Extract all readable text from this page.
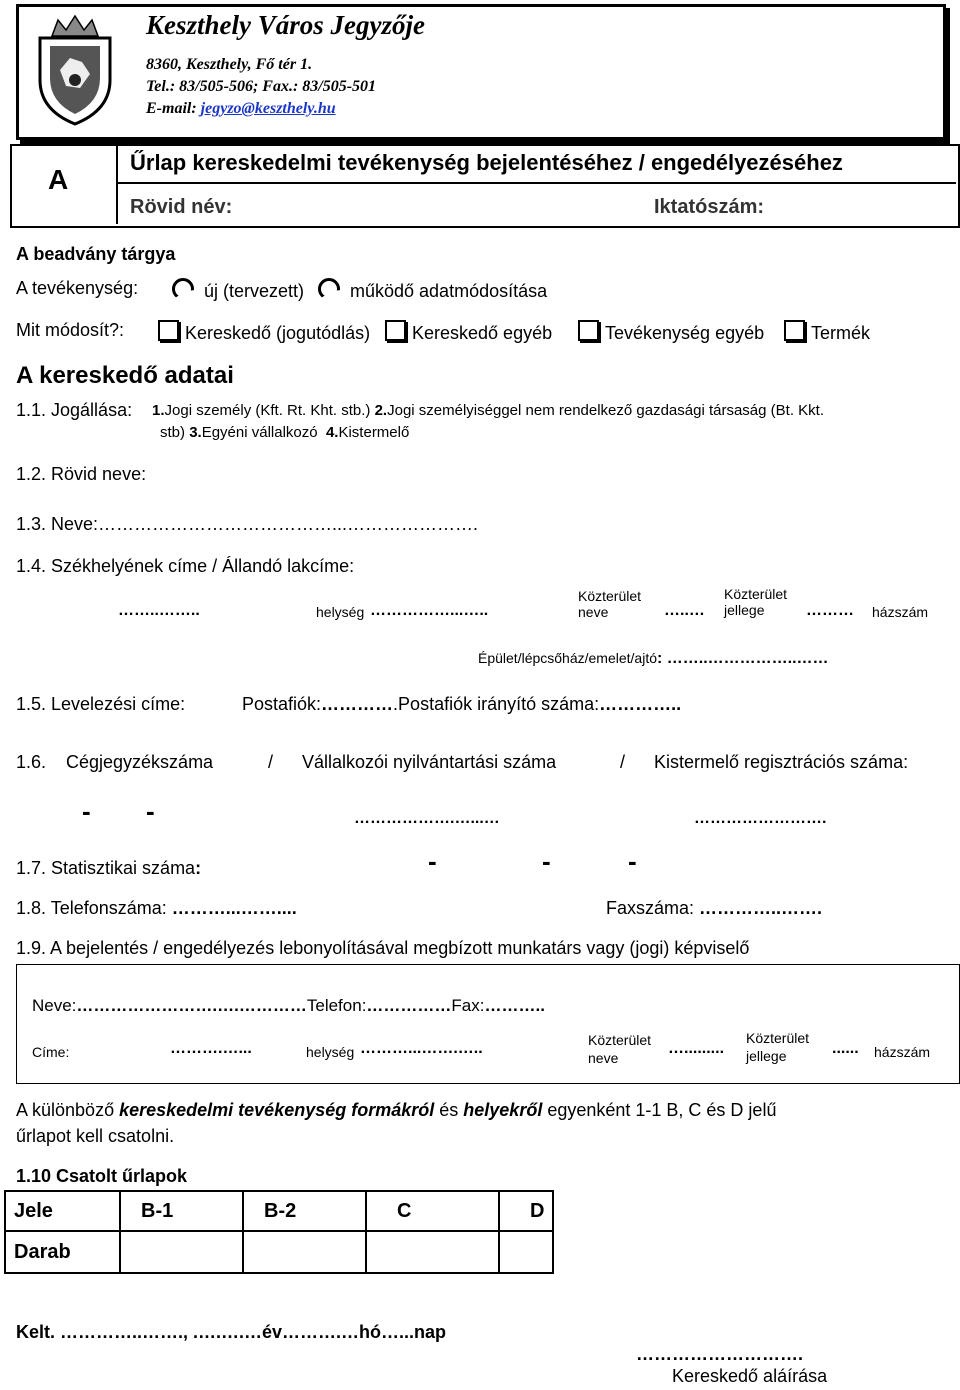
Keszthely Város Jegyzője
8360, Keszthely, Fő tér 1.
Tel.: 83/505-506; Fax.: 83/505-501
E-mail: jegyzo@keszthely.hu
A
Űrlap kereskedelmi tevékenység bejelentéséhez / engedélyezéséhez
Rövid név:	Iktatószám:
A beadvány tárgya
A tevékenység:	új (tervezett)	működő adatmódosítása
Mit módosít?:	Kereskedő (jogutódlás)	Kereskedő egyéb	Tevékenység egyéb	Termék
A kereskedő adatai
1.1. Jogállása: 1.Jogi személy (Kft. Rt. Kht. stb.) 2.Jogi személyiséggel nem rendelkező gazdasági társaság (Bt. Kkt.
stb) 3.Egyéni vállalkozó 4.Kistermelő
1.2. Rövid neve:
1.3. Neve:…………………………………...………………….
1.4. Székhelyének címe / Állandó lakcíme:
……..……..	helység ……………...…..
Közterület
neve	…..…
Közterület
jellege	……… házszám
Épület/lépcsőház/emelet/ajtó: ……..……………..……
1.5. Levelezési címe:	Postafiók:………….Postafiók irányító száma:…………..
1.6. Cégjegyzékszáma	/ Vállalkozói nyilvántartási száma	/ Kistermelő regisztrációs száma:
- -	……………….…...…	…………………….
1.7. Statisztikai száma:	-	-	-
1.8. Telefonszáma: ………...……....	Faxszáma: …………..…….
1.9. A bejelentés / engedélyezés lebonyolításával megbízott munkatárs vagy (jogi) képviselő
Neve:…………………….….…………Telefon:……………Fax:………..
Címe:	……….…...	helység ………...…….…..	Közterület
neve
….........
Közterület
jellege	...... házszám
A különböző kereskedelmi tevékenység formákról és helyekről egyenként 1-1 B, C és D jelű
űrlapot kell csatolni.
1.10 Csatolt űrlapok
Jele	B-1	B-2	C	D
Darab				
Kelt. …………..……., .….….…év……….…hó…...nap
……………………….
Kereskedő aláírása
